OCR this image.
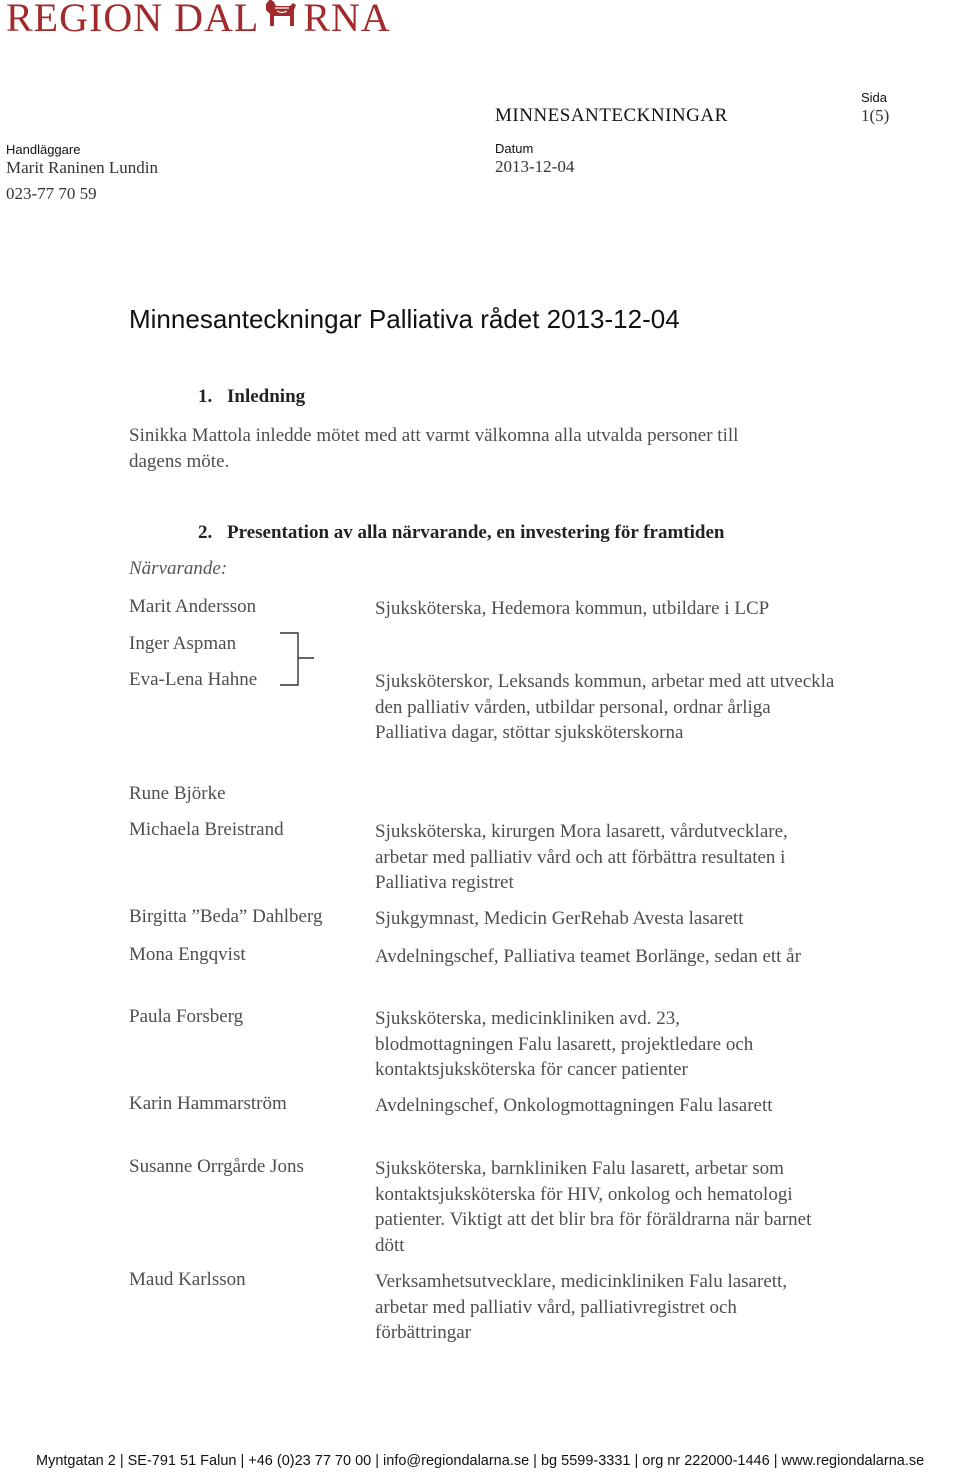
REGION DAL RNA
Handläggare
Marit Raninen Lundin
023-77 70 59
MINNESANTECKNINGAR
Datum
2013-12-04
Sida
1(5)
Minnesanteckningar Palliativa rådet 2013-12-04
1. Inledning
Sinikka Mattola inledde mötet med att varmt välkomna alla utvalda personer till
dagens möte.
2. Presentation av alla närvarande, en investering för framtiden
Närvarande:
Marit Andersson
Inger Aspman
Eva-Lena Hahne
Rune Björke
Michaela Breistrand
Birgitta ”Beda” Dahlberg
Mona Engqvist
Paula Forsberg
Karin Hammarström
Susanne Orrgårde Jons
Maud Karlsson
Sjuksköterska, Hedemora kommun, utbildare i LCP
Sjuksköterskor, Leksands kommun, arbetar med att utveckla den palliativ vården, utbildar personal, ordnar årliga Palliativa dagar, stöttar sjuksköterskorna
Sjuksköterska, kirurgen Mora lasarett, vårdutvecklare, arbetar med palliativ vård och att förbättra resultaten i Palliativa registret
Sjukgymnast, Medicin GerRehab Avesta lasarett
Avdelningschef, Palliativa teamet Borlänge, sedan ett år
Sjuksköterska, medicinkliniken avd. 23, blodmottagningen Falu lasarett, projektledare och kontaktsjuksköterska för cancer patienter
Avdelningschef, Onkologmottagningen Falu lasarett
Sjuksköterska, barnkliniken Falu lasarett, arbetar som kontaktsjuksköterska för HIV, onkolog och hematologi patienter. Viktigt att det blir bra för föräldrarna när barnet dött
Verksamhetsutvecklare, medicinkliniken Falu lasarett, arbetar med palliativ vård, palliativregistret och förbättringar
Myntgatan 2 | SE-791 51 Falun | +46 (0)23 77 70 00 | info@regiondalarna.se | bg 5599-3331 | org nr 222000-1446 | www.regiondalarna.se
